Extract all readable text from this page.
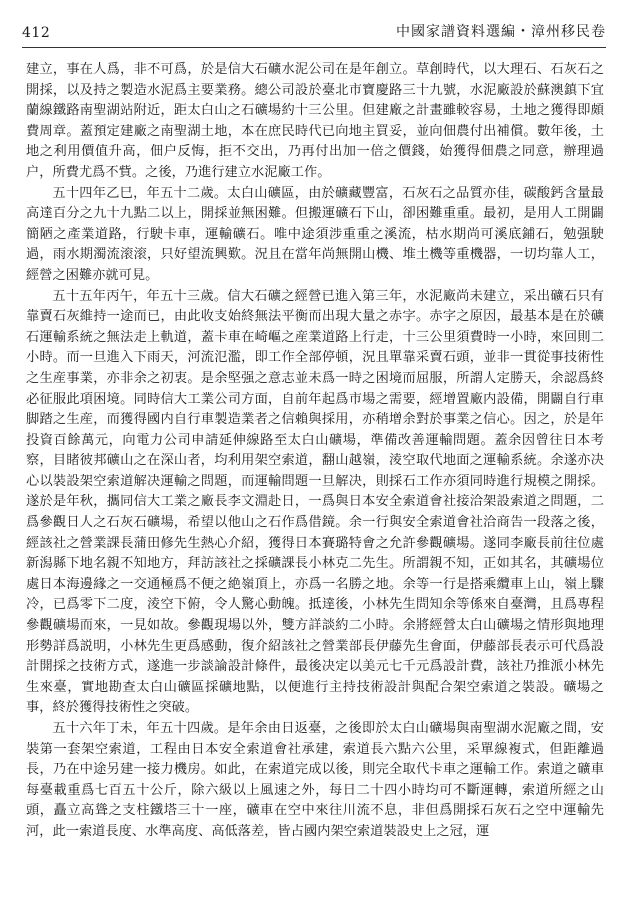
412	中國家譜資料選編・漳州移民卷

建立，事在人爲，非不可爲，於是信大石礦水泥公司在是年創立。草創時代，以大理石、石灰石之開採，以及持之製造水泥爲主要業務。總公司設於臺北市寶慶路三十九號，水泥廠設於蘇澳鎮下宜蘭線鐵路南聖湖站附近，距太白山之石礦場約十三公里。但建廠之計畫雖較容易，土地之獲得即頗費周章。蓋預定建廠之南聖湖土地，本在庶民時代已向地主買妥，並向佃農付出補償。數年後，土地之利用價值升高，佃户反悔，拒不交出，乃再付出加一倍之價錢，始獲得佃農之同意，辦理過户，所費尤爲不貲。之後，乃進行建立水泥廠工作。

五十四年乙巳，年五十二歲。太白山礦區，由於礦藏豐富，石灰石之品質亦佳，碳酸鈣含量最高達百分之九十九點二以上，開採並無困難。但搬運礦石下山，卻困難重重。最初，是用人工開闢簡陋之產業道路，行駛卡車，運輸礦石。唯中途須涉重重之溪流，枯水期尚可溪底鋪石，勉强駛過，雨水期濁流滚滚，只好望流興歎。況且在當年尚無開山機、堆土機等重機器，一切均靠人工，經營之困難亦就可見。

五十五年丙午，年五十三歲。信大石礦之經營已進入第三年，水泥廠尚未建立，采出礦石只有靠賣石灰維持一途而已，由此收支始終無法平衡而出現大量之赤字。赤字之原因，最基本是在於礦石運輸系統之無法走上軌道，蓋卡車在崎嶇之産業道路上行走，十三公里須費時一小時，來回則二小時。而一旦進入下雨天，河流氾濫，即工作全部停頓，況且單靠采賣石頭，並非一貫從事技術性之生産事業，亦非余之初衷。是余堅强之意志並未爲一時之困境而屈服，所謂人定勝天，余認爲終必征服此項困境。同時信大工業公司方面，自前年起爲市場之需要，經增置廠内設備，開闢自行車脚踏之生産，而獲得國内自行車製造業者之信賴與採用，亦稍增余對於事業之信心。因之，於是年投資百餘萬元，向電力公司申請延伸線路至太白山礦場，準備改善運輸問題。蓋余因曾往日本考察，目睹彼邦礦山之在深山者，均利用架空索道，翻山越嶺，淩空取代地面之運輸系統。余遂亦决心以裝設架空索道解决運輸之問題，而運輸問題一旦解决，則採石工作亦須同時進行規模之開採。遂於是年秋，攜同信大工業之廠長李文淵赴日，一爲與日本安全索道會社接洽架設索道之問題，二爲參觀日人之石灰石礦場，希望以他山之石作爲借鏡。余一行與安全索道會社洽商告一段落之後，經該社之營業課長蒲田修先生熱心介紹，獲得日本賽璐特會之允許參觀礦場。遂同李廠長前往位處新潟縣下地名親不知地方，拜訪該社之採礦課長小林克二先生。所謂親不知，正如其名，其礦場位處日本海邊緣之一交通極爲不便之絶嶺頂上，亦爲一名勝之地。余等一行是搭乘纜車上山，嶺上驟冷，已爲零下二度，淩空下俯，令人驚心動魄。抵達後，小林先生問知余等係來自臺灣，且爲專程參觀礦場而來，一見如故。參觀現場以外，雙方詳談約二小時。余將經營太白山礦場之情形與地理形勢詳爲説明，小林先生更爲感動，復介紹該社之營業部長伊藤先生會面，伊藤部長表示可代爲設計開採之技術方式，遂進一步談論設計條件，最後决定以美元七千元爲設計費，該社乃推派小林先生來臺，實地勘查太白山礦區採礦地點，以便進行主持技術設計與配合架空索道之裝設。礦場之事，終於獲得技術性之突破。

五十六年丁未，年五十四歲。是年余由日返臺，之後即於太白山礦場與南聖湖水泥廠之間，安裝第一套架空索道，工程由日本安全索道會社承建，索道長六點六公里，采單線複式，但距離過長，乃在中途另建一接力機房。如此，在索道完成以後，則完全取代卡車之運輸工作。索道之礦車每臺載重爲七百五十公斤，除六級以上風速之外，每日二十四小時均可不斷運轉，索道所經之山頭，矗立高聳之支柱鐵塔三十一座，礦車在空中來往川流不息，非但爲開採石灰石之空中運輸先河，此一索道長度、水準高度、高低落差，皆占國内架空索道裝設史上之冠，運
